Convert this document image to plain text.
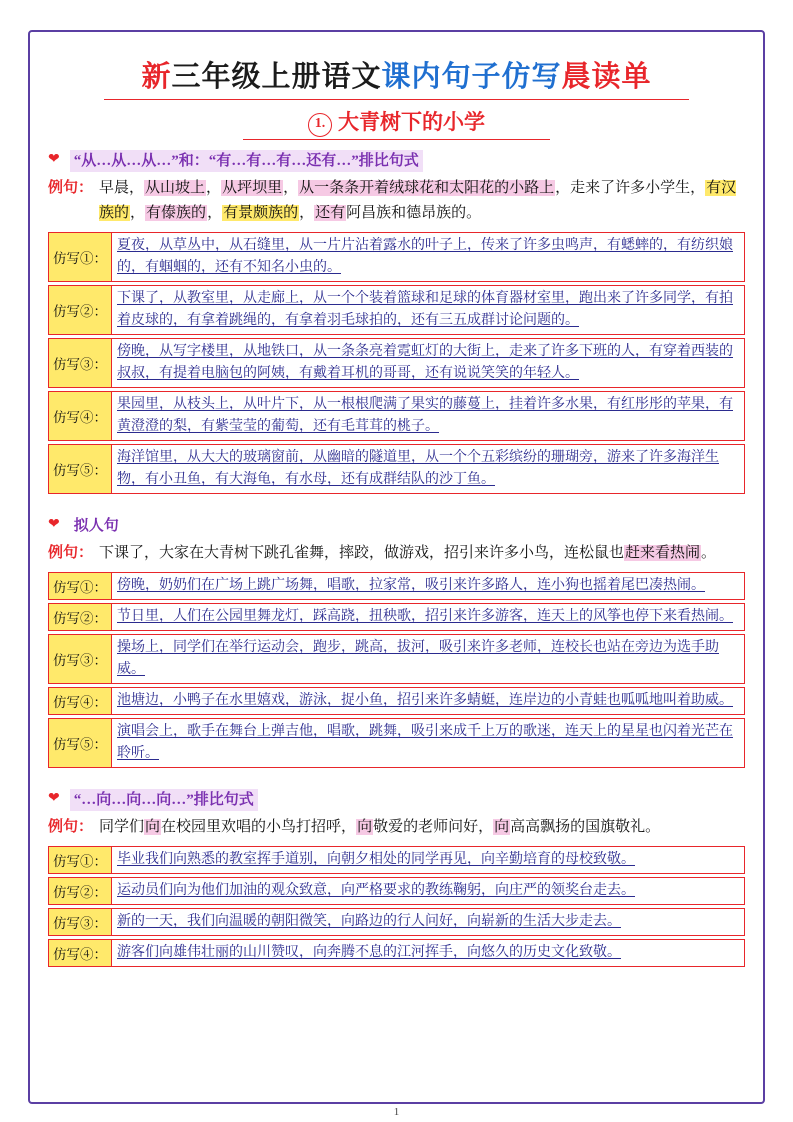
新三年级上册语文课内句子仿写晨读单
1. 大青树下的小学
❤ “从…从…从…”和：“有…有…有…还有…”排比句式
例句： 早晨，从山坡上，从坪坝里，从一条条开着绒球花和太阳花的小路上，走来了许多小学生，有汉族的，有傣族的，有景颇族的，还有阿昌族和德昂族的。
仿写①：
夏夜，从草丛中，从石缝里，从一片片沾着露水的叶子上，传来了许多虫鸣声，有蟋蟀的，有纺织娘的，有蝈蝈的，还有不知名小虫的。
仿写②：
下课了，从教室里，从走廊上，从一个个装着篮球和足球的体育器材室里，跑出来了许多同学，有拍着皮球的，有拿着跳绳的，有拿着羽毛球拍的，还有三五成群讨论问题的。
仿写③：
傍晚，从写字楼里，从地铁口，从一条条亮着霓虹灯的大街上，走来了许多下班的人，有穿着西装的叔叔，有提着电脑包的阿姨，有戴着耳机的哥哥，还有说说笑笑的年轻人。
仿写④：
果园里，从枝头上，从叶片下，从一根根爬满了果实的藤蔓上，挂着许多水果，有红彤彤的苹果，有黄澄澄的梨，有紫莹莹的葡萄，还有毛茸茸的桃子。
仿写⑤：
海洋馆里，从大大的玻璃窗前，从幽暗的隧道里，从一个个五彩缤纷的珊瑚旁，游来了许多海洋生物，有小丑鱼，有大海龟，有水母，还有成群结队的沙丁鱼。
❤ 拟人句
例句： 下课了，大家在大青树下跳孔雀舞，摔跤，做游戏，招引来许多小鸟，连松鼠也赶来看热闹。
仿写①： 傍晚，奶奶们在广场上跳广场舞，唱歌，拉家常，吸引来许多路人，连小狗也摇着尾巴凑热闹。
仿写②： 节日里，人们在公园里舞龙灯，踩高跷，扭秧歌，招引来许多游客，连天上的风筝也停下来看热闹。
仿写③：
操场上，同学们在举行运动会，跑步，跳高，拔河，吸引来许多老师，连校长也站在旁边为选手助威。
仿写④： 池塘边，小鸭子在水里嬉戏，游泳，捉小鱼，招引来许多蜻蜓，连岸边的小青蛙也呱呱地叫着助威。
仿写⑤：
演唱会上，歌手在舞台上弹吉他，唱歌，跳舞，吸引来成千上万的歌迷，连天上的星星也闪着光芒在聆听。
❤ “…向…向…向…”排比句式
例句： 同学们向在校园里欢唱的小鸟打招呼，向敬爱的老师问好，向高高飘扬的国旗敬礼。
仿写①： 毕业我们向熟悉的教室挥手道别，向朝夕相处的同学再见，向辛勤培育的母校致敬。
仿写②： 运动员们向为他们加油的观众致意，向严格要求的教练鞠躬，向庄严的领奖台走去。
仿写③： 新的一天，我们向温暖的朝阳微笑，向路边的行人问好，向崭新的生活大步走去。
仿写④： 游客们向雄伟壮丽的山川赞叹，向奔腾不息的江河挥手，向悠久的历史文化致敬。
1
